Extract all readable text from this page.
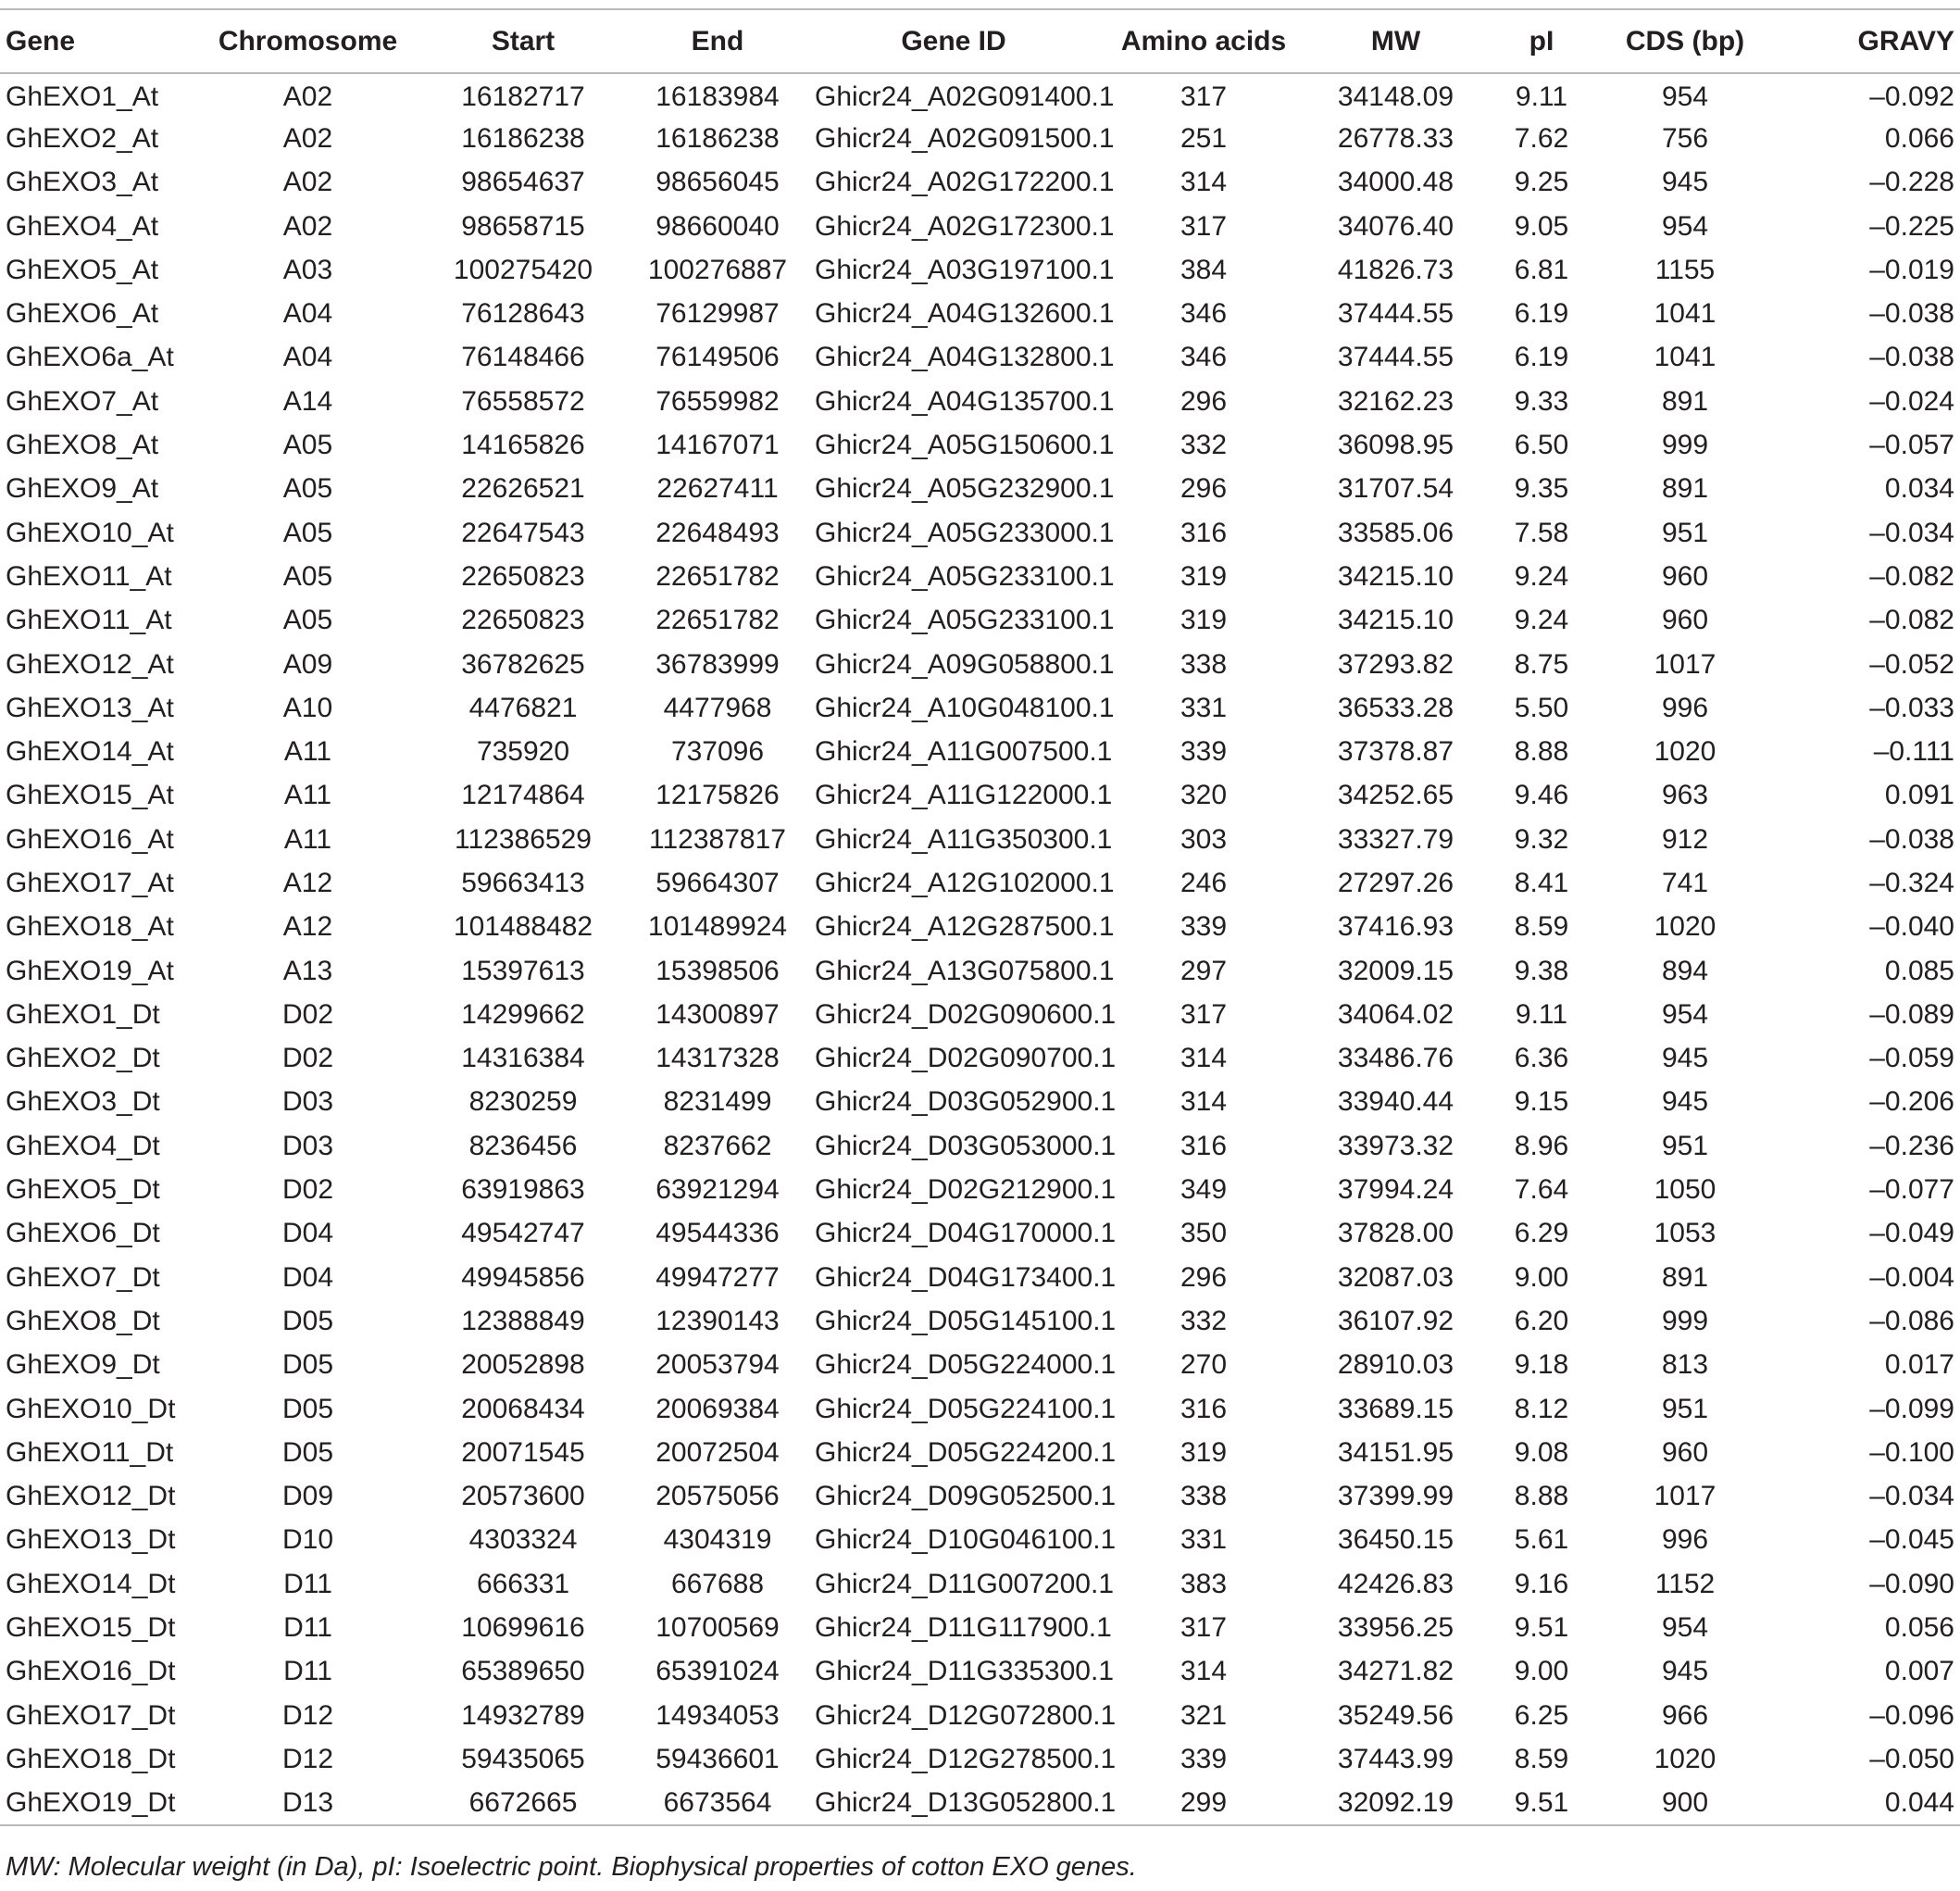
Gene	Chromosome	Start	End	Gene ID	Amino acids	MW	pI	CDS (bp)	GRAVY
GhEXO1_At	A02	16182717	16183984	Ghicr24_A02G091400.1	317	34148.09	9.11	954	–0.092
GhEXO2_At	A02	16186238	16186238	Ghicr24_A02G091500.1	251	26778.33	7.62	756	0.066
GhEXO3_At	A02	98654637	98656045	Ghicr24_A02G172200.1	314	34000.48	9.25	945	–0.228
GhEXO4_At	A02	98658715	98660040	Ghicr24_A02G172300.1	317	34076.40	9.05	954	–0.225
GhEXO5_At	A03	100275420	100276887	Ghicr24_A03G197100.1	384	41826.73	6.81	1155	–0.019
GhEXO6_At	A04	76128643	76129987	Ghicr24_A04G132600.1	346	37444.55	6.19	1041	–0.038
GhEXO6a_At	A04	76148466	76149506	Ghicr24_A04G132800.1	346	37444.55	6.19	1041	–0.038
GhEXO7_At	A14	76558572	76559982	Ghicr24_A04G135700.1	296	32162.23	9.33	891	–0.024
GhEXO8_At	A05	14165826	14167071	Ghicr24_A05G150600.1	332	36098.95	6.50	999	–0.057
GhEXO9_At	A05	22626521	22627411	Ghicr24_A05G232900.1	296	31707.54	9.35	891	0.034
GhEXO10_At	A05	22647543	22648493	Ghicr24_A05G233000.1	316	33585.06	7.58	951	–0.034
GhEXO11_At	A05	22650823	22651782	Ghicr24_A05G233100.1	319	34215.10	9.24	960	–0.082
GhEXO11_At	A05	22650823	22651782	Ghicr24_A05G233100.1	319	34215.10	9.24	960	–0.082
GhEXO12_At	A09	36782625	36783999	Ghicr24_A09G058800.1	338	37293.82	8.75	1017	–0.052
GhEXO13_At	A10	4476821	4477968	Ghicr24_A10G048100.1	331	36533.28	5.50	996	–0.033
GhEXO14_At	A11	735920	737096	Ghicr24_A11G007500.1	339	37378.87	8.88	1020	–0.111
GhEXO15_At	A11	12174864	12175826	Ghicr24_A11G122000.1	320	34252.65	9.46	963	0.091
GhEXO16_At	A11	112386529	112387817	Ghicr24_A11G350300.1	303	33327.79	9.32	912	–0.038
GhEXO17_At	A12	59663413	59664307	Ghicr24_A12G102000.1	246	27297.26	8.41	741	–0.324
GhEXO18_At	A12	101488482	101489924	Ghicr24_A12G287500.1	339	37416.93	8.59	1020	–0.040
GhEXO19_At	A13	15397613	15398506	Ghicr24_A13G075800.1	297	32009.15	9.38	894	0.085
GhEXO1_Dt	D02	14299662	14300897	Ghicr24_D02G090600.1	317	34064.02	9.11	954	–0.089
GhEXO2_Dt	D02	14316384	14317328	Ghicr24_D02G090700.1	314	33486.76	6.36	945	–0.059
GhEXO3_Dt	D03	8230259	8231499	Ghicr24_D03G052900.1	314	33940.44	9.15	945	–0.206
GhEXO4_Dt	D03	8236456	8237662	Ghicr24_D03G053000.1	316	33973.32	8.96	951	–0.236
GhEXO5_Dt	D02	63919863	63921294	Ghicr24_D02G212900.1	349	37994.24	7.64	1050	–0.077
GhEXO6_Dt	D04	49542747	49544336	Ghicr24_D04G170000.1	350	37828.00	6.29	1053	–0.049
GhEXO7_Dt	D04	49945856	49947277	Ghicr24_D04G173400.1	296	32087.03	9.00	891	–0.004
GhEXO8_Dt	D05	12388849	12390143	Ghicr24_D05G145100.1	332	36107.92	6.20	999	–0.086
GhEXO9_Dt	D05	20052898	20053794	Ghicr24_D05G224000.1	270	28910.03	9.18	813	0.017
GhEXO10_Dt	D05	20068434	20069384	Ghicr24_D05G224100.1	316	33689.15	8.12	951	–0.099
GhEXO11_Dt	D05	20071545	20072504	Ghicr24_D05G224200.1	319	34151.95	9.08	960	–0.100
GhEXO12_Dt	D09	20573600	20575056	Ghicr24_D09G052500.1	338	37399.99	8.88	1017	–0.034
GhEXO13_Dt	D10	4303324	4304319	Ghicr24_D10G046100.1	331	36450.15	5.61	996	–0.045
GhEXO14_Dt	D11	666331	667688	Ghicr24_D11G007200.1	383	42426.83	9.16	1152	–0.090
GhEXO15_Dt	D11	10699616	10700569	Ghicr24_D11G117900.1	317	33956.25	9.51	954	0.056
GhEXO16_Dt	D11	65389650	65391024	Ghicr24_D11G335300.1	314	34271.82	9.00	945	0.007
GhEXO17_Dt	D12	14932789	14934053	Ghicr24_D12G072800.1	321	35249.56	6.25	966	–0.096
GhEXO18_Dt	D12	59435065	59436601	Ghicr24_D12G278500.1	339	37443.99	8.59	1020	–0.050
GhEXO19_Dt	D13	6672665	6673564	Ghicr24_D13G052800.1	299	32092.19	9.51	900	0.044
MW: Molecular weight (in Da), pI: Isoelectric point. Biophysical properties of cotton EXO genes.
